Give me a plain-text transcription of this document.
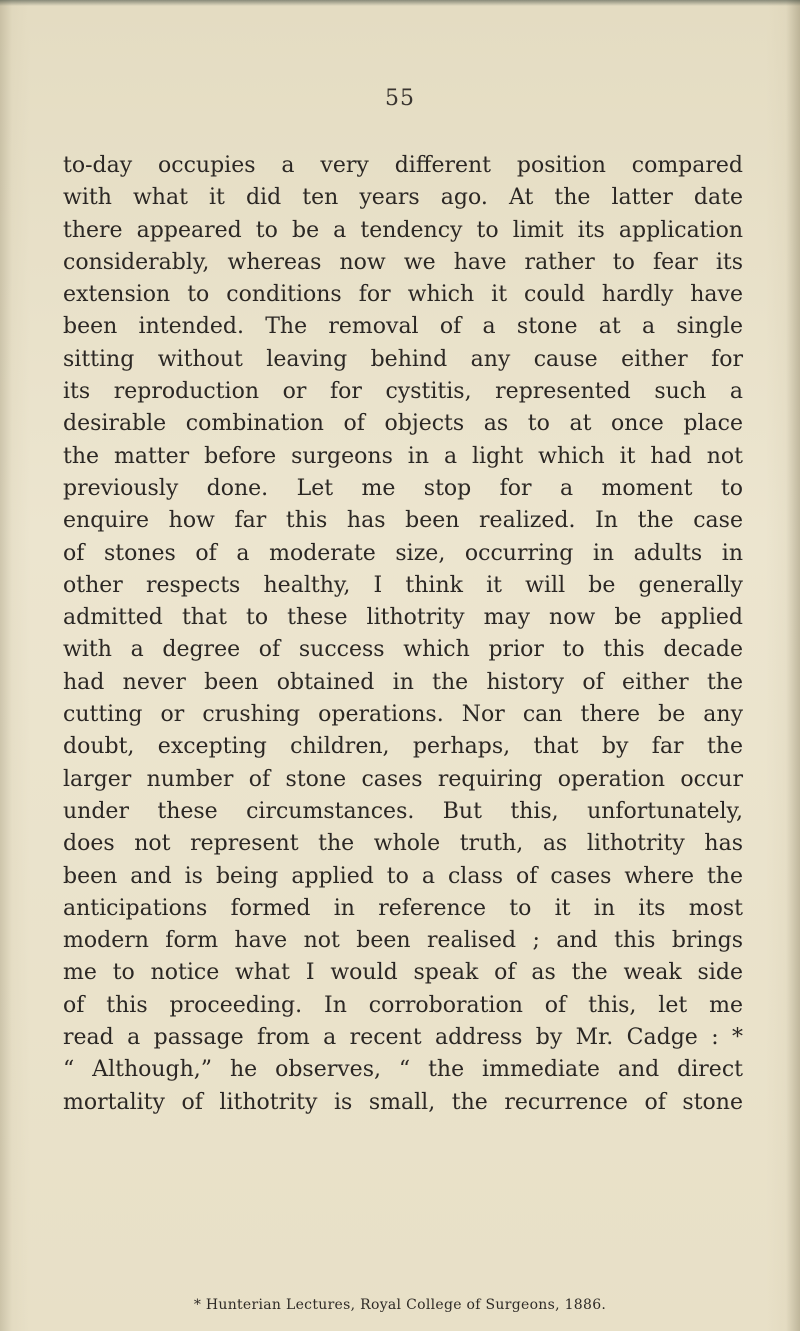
55
to-day occupies a very different position compared
with what it did ten years ago. At the latter date
there appeared to be a tendency to limit its application
considerably, whereas now we have rather to fear its
extension to conditions for which it could hardly have
been intended. The removal of a stone at a single
sitting without leaving behind any cause either for
its reproduction or for cystitis, represented such a
desirable combination of objects as to at once place
the matter before surgeons in a light which it had not
previously done. Let me stop for a moment to
enquire how far this has been realized. In the case
of stones of a moderate size, occurring in adults in
other respects healthy, I think it will be generally
admitted that to these lithotrity may now be applied
with a degree of success which prior to this decade
had never been obtained in the history of either the
cutting or crushing operations. Nor can there be any
doubt, excepting children, perhaps, that by far the
larger number of stone cases requiring operation occur
under these circumstances. But this, unfortunately,
does not represent the whole truth, as lithotrity has
been and is being applied to a class of cases where the
anticipations formed in reference to it in its most
modern form have not been realised ; and this brings
me to notice what I would speak of as the weak side
of this proceeding. In corroboration of this, let me
read a passage from a recent address by Mr. Cadge : *
“ Although,” he observes, “ the immediate and direct
mortality of lithotrity is small, the recurrence of stone
* Hunterian Lectures, Royal College of Surgeons, 1886.
